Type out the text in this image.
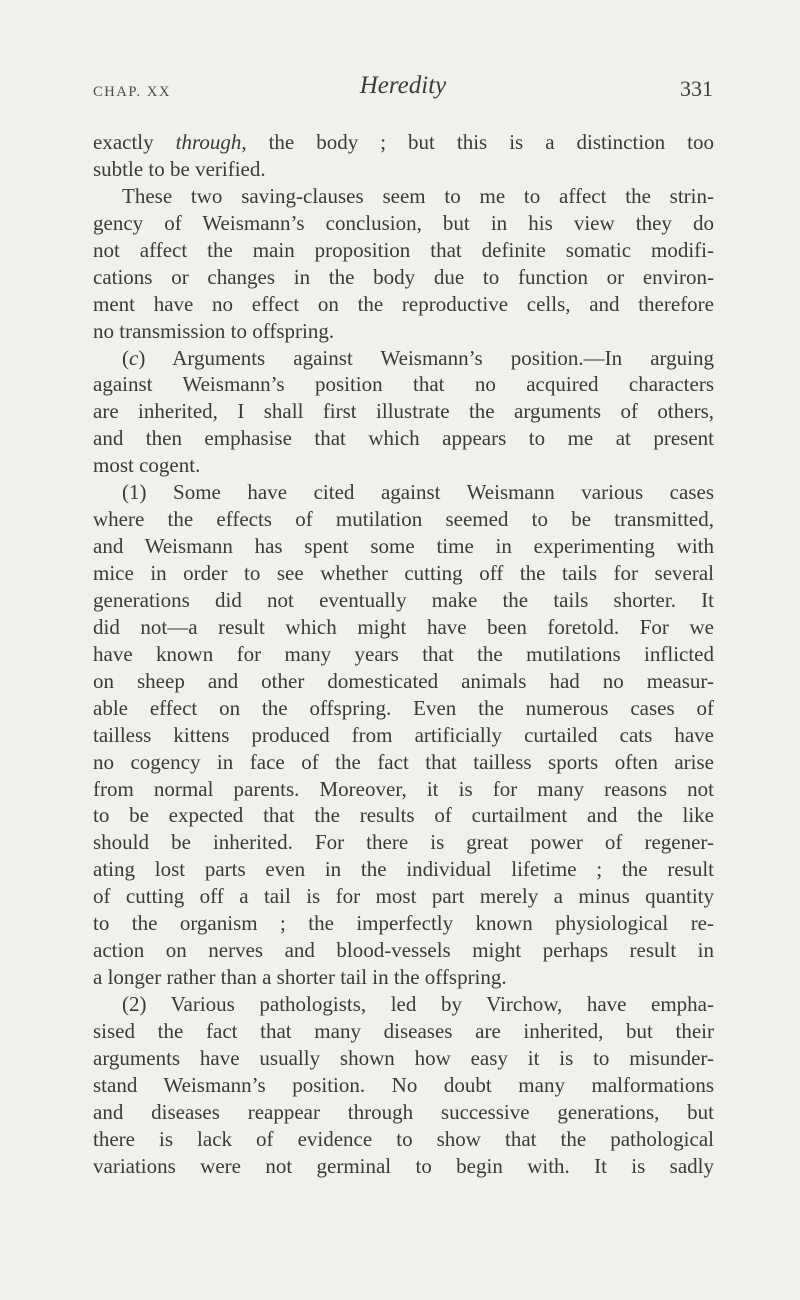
CHAP. XX	Heredity	331
exactly through, the body ; but this is a distinction too
subtle to be verified.
These two saving-clauses seem to me to affect the strin-
gency of Weismann’s conclusion, but in his view they do
not affect the main proposition that definite somatic modifi-
cations or changes in the body due to function or environ-
ment have no effect on the reproductive cells, and therefore
no transmission to offspring.
(c) Arguments against Weismann’s position.—In arguing
against Weismann’s position that no acquired characters
are inherited, I shall first illustrate the arguments of others,
and then emphasise that which appears to me at present
most cogent.
(1) Some have cited against Weismann various cases
where the effects of mutilation seemed to be transmitted,
and Weismann has spent some time in experimenting with
mice in order to see whether cutting off the tails for several
generations did not eventually make the tails shorter. It
did not—a result which might have been foretold. For we
have known for many years that the mutilations inflicted
on sheep and other domesticated animals had no measur-
able effect on the offspring. Even the numerous cases of
tailless kittens produced from artificially curtailed cats have
no cogency in face of the fact that tailless sports often arise
from normal parents. Moreover, it is for many reasons not
to be expected that the results of curtailment and the like
should be inherited. For there is great power of regener-
ating lost parts even in the individual lifetime ; the result
of cutting off a tail is for most part merely a minus quantity
to the organism ; the imperfectly known physiological re-
action on nerves and blood-vessels might perhaps result in
a longer rather than a shorter tail in the offspring.
(2) Various pathologists, led by Virchow, have empha-
sised the fact that many diseases are inherited, but their
arguments have usually shown how easy it is to misunder-
stand Weismann’s position. No doubt many malformations
and diseases reappear through successive generations, but
there is lack of evidence to show that the pathological
variations were not germinal to begin with. It is sadly
